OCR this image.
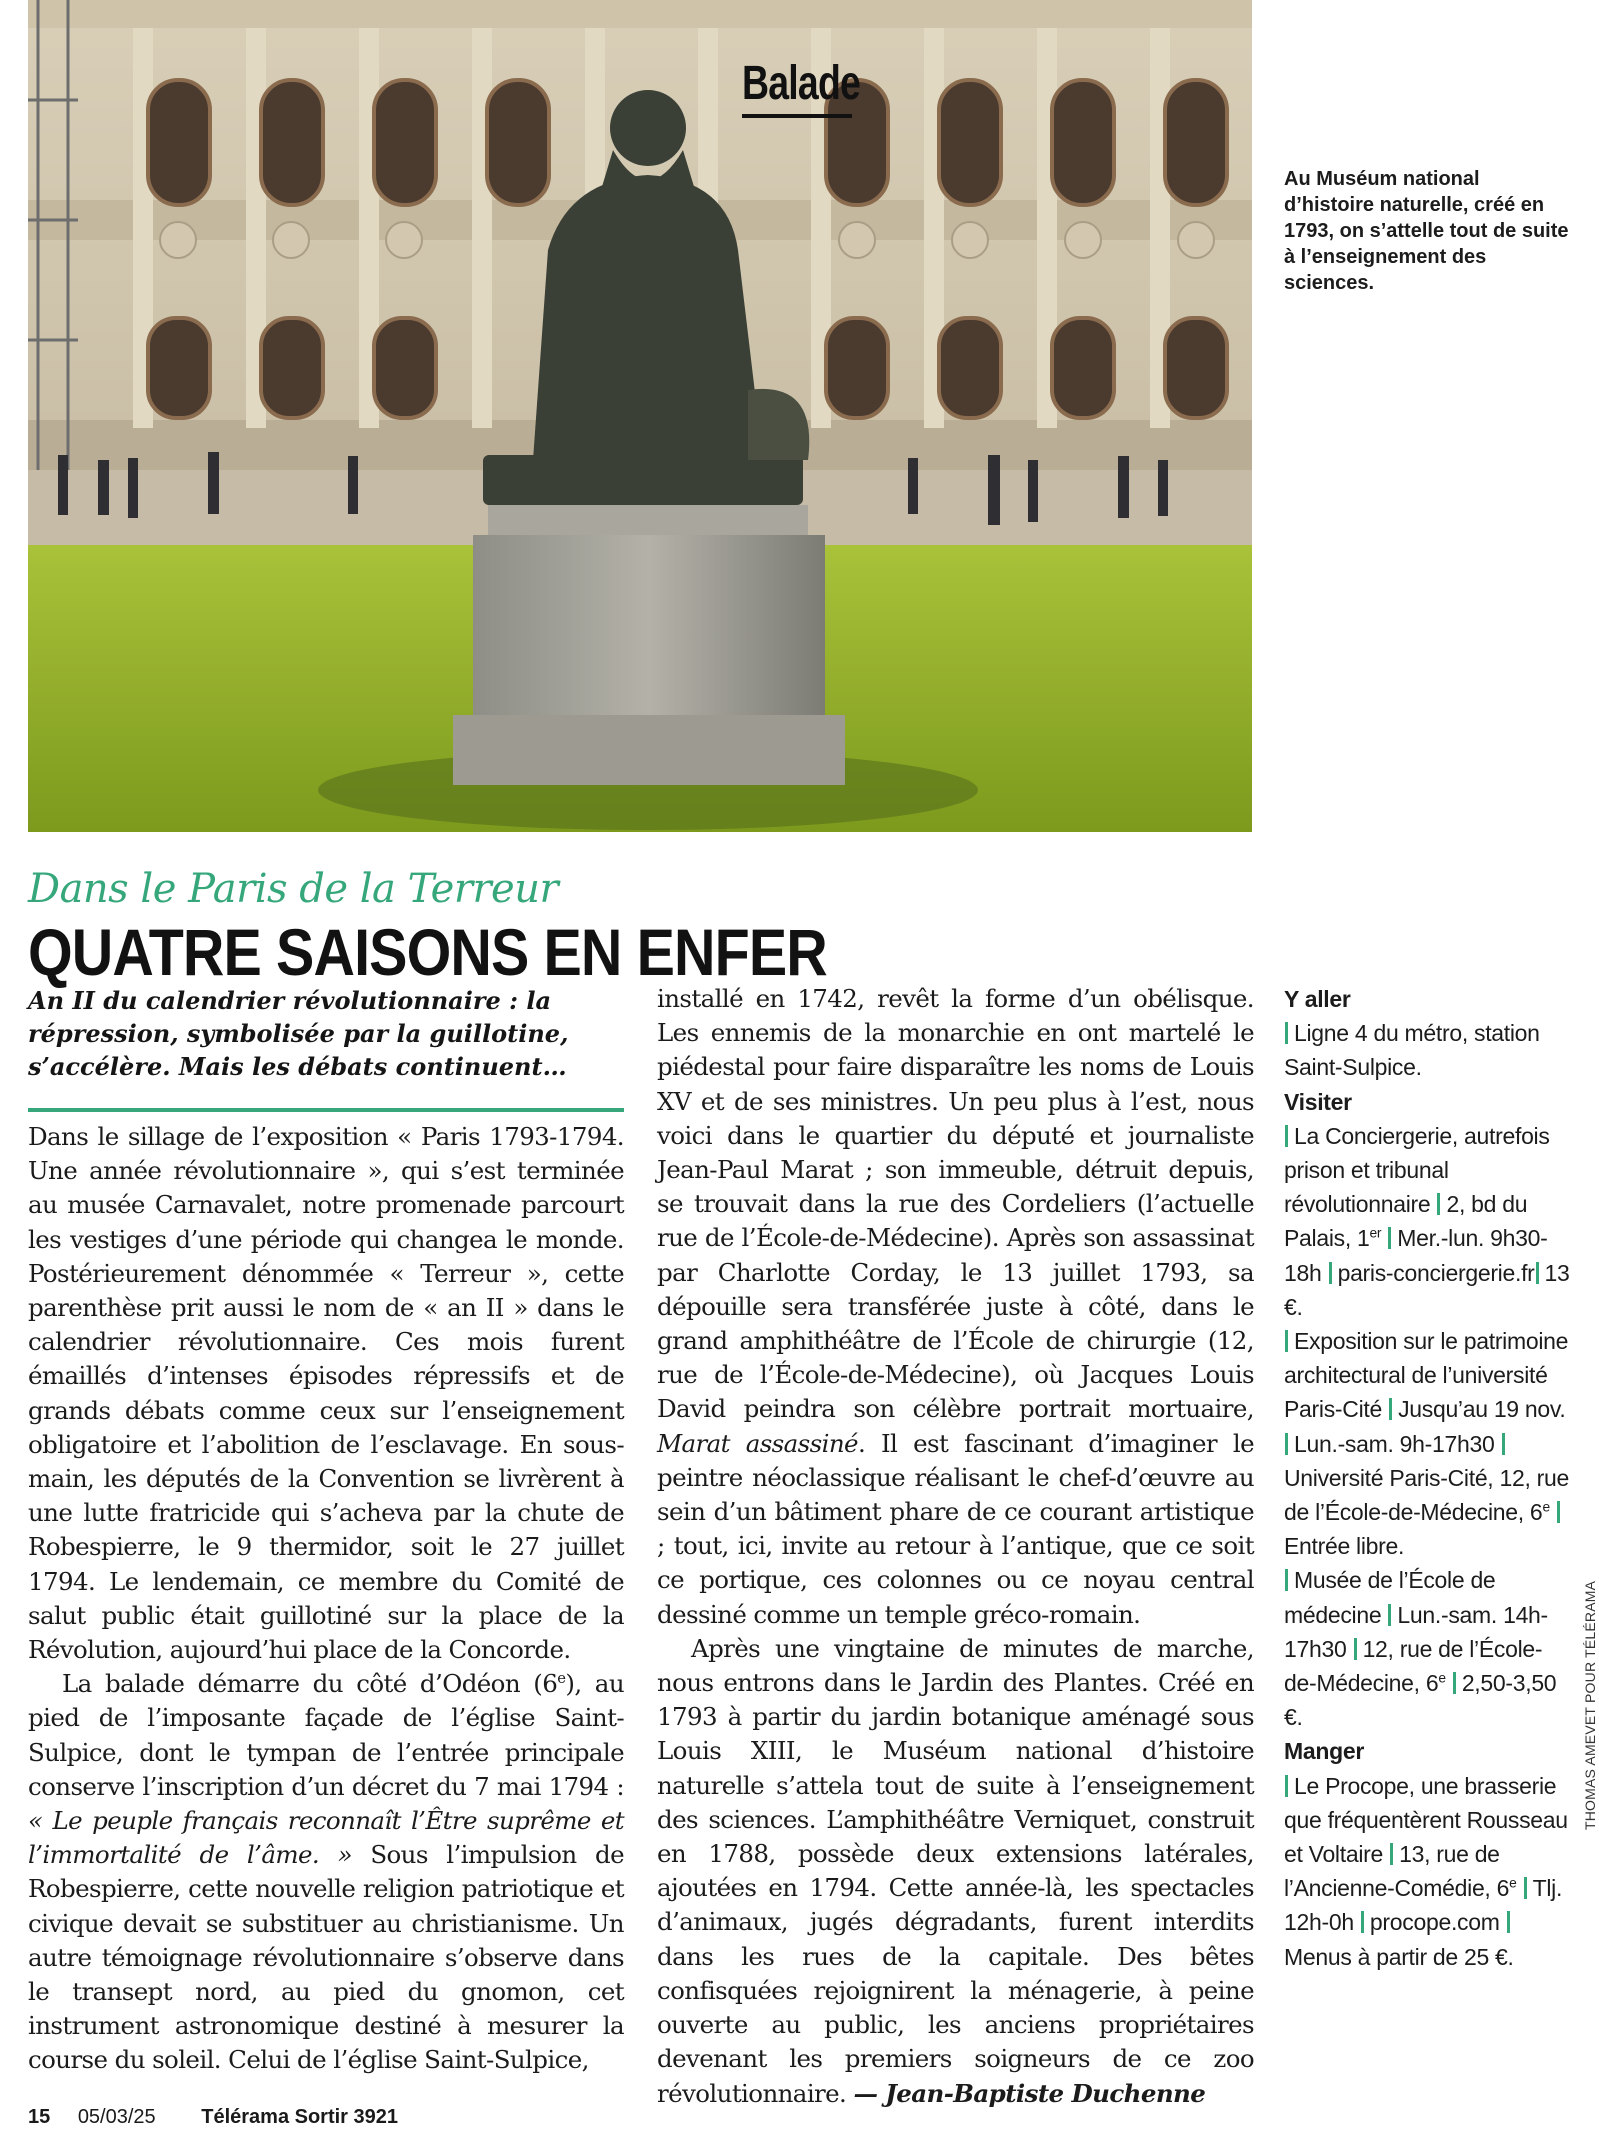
Balade
Au Muséum national d’histoire naturelle, créé en 1793, on s’attelle tout de suite à l’enseignement des sciences.
Dans le Paris de la Terreur
QUATRE SAISONS EN ENFER

An II du calendrier révolutionnaire : la répression, symbolisée par la guillotine, s’accélère. Mais les débats continuent…

Dans le sillage de l’exposition « Paris 1793-1794. Une année révolutionnaire », qui s’est terminée au musée Carnavalet, notre promenade parcourt les vestiges d’une période qui changea le monde. Postérieurement dénommée « Terreur », cette parenthèse prit aussi le nom de « an II » dans le calendrier révolutionnaire. Ces mois furent émaillés d’intenses épisodes répressifs et de grands débats comme ceux sur l’enseignement obligatoire et l’abolition de l’esclavage. En sous-main, les députés de la Convention se livrèrent à une lutte fratricide qui s’acheva par la chute de Robespierre, le 9 thermidor, soit le 27 juillet 1794. Le lendemain, ce membre du Comité de salut public était guillotiné sur la place de la Révolution, aujourd’hui place de la Concorde.

La balade démarre du côté d’Odéon (6e), au pied de l’imposante façade de l’église Saint-Sulpice, dont le tympan de l’entrée principale conserve l’inscription d’un décret du 7 mai 1794 : « Le peuple français reconnaît l’Être suprême et l’immortalité de l’âme. » Sous l’impulsion de Robespierre, cette nouvelle religion patriotique et civique devait se substituer au christianisme. Un autre témoignage révolutionnaire s’observe dans le transept nord, au pied du gnomon, cet instrument astronomique destiné à mesurer la course du soleil. Celui de l’église Saint-Sulpice,

installé en 1742, revêt la forme d’un obélisque. Les ennemis de la monarchie en ont martelé le piédestal pour faire disparaître les noms de Louis XV et de ses ministres. Un peu plus à l’est, nous voici dans le quartier du député et journaliste Jean-Paul Marat ; son immeuble, détruit depuis, se trouvait dans la rue des Cordeliers (l’actuelle rue de l’École-de-Médecine). Après son assassinat par Charlotte Corday, le 13 juillet 1793, sa dépouille sera transférée juste à côté, dans le grand amphithéâtre de l’École de chirurgie (12, rue de l’École-de-Médecine), où Jacques Louis David peindra son célèbre portrait mortuaire, Marat assassiné. Il est fascinant d’imaginer le peintre néoclassique réalisant le chef-d’œuvre au sein d’un bâtiment phare de ce courant artistique ; tout, ici, invite au retour à l’antique, que ce soit ce portique, ces colonnes ou ce noyau central dessiné comme un temple gréco-romain.

Après une vingtaine de minutes de marche, nous entrons dans le Jardin des Plantes. Créé en 1793 à partir du jardin botanique aménagé sous Louis XIII, le Muséum national d’histoire naturelle s’attela tout de suite à l’enseignement des sciences. L’amphithéâtre Verniquet, construit en 1788, possède deux extensions latérales, ajoutées en 1794. Cette année-là, les spectacles d’animaux, jugés dégradants, furent interdits dans les rues de la capitale. Des bêtes confisquées rejoignirent la ménagerie, à peine ouverte au public, les anciens propriétaires devenant les premiers soigneurs de ce zoo révolutionnaire. — Jean-Baptiste Duchenne

Y aller

Ligne 4 du métro, station Saint-Sulpice.

Visiter

La Conciergerie, autrefois prison et tribunal révolutionnaire 2, bd du Palais, 1er Mer.-lun. 9h30-18h paris-conciergerie.fr 13 €.

Exposition sur le patrimoine architectural de l’université Paris-Cité Jusqu’au 19 nov. Lun.-sam. 9h-17h30 Université Paris-Cité, 12, rue de l’École-de-Médecine, 6e Entrée libre.

Musée de l’École de médecine Lun.-sam. 14h-17h30 12, rue de l’École-de-Médecine, 6e 2,50-3,50 €.

Manger

Le Procope, une brasserie que fréquentèrent Rousseau et Voltaire 13, rue de l’Ancienne-Comédie, 6e Tlj. 12h-0h procope.com Menus à partir de 25 €.

THOMAS AMEVET POUR TÉLÉRAMA
15 05/03/25 Télérama Sortir 3921
